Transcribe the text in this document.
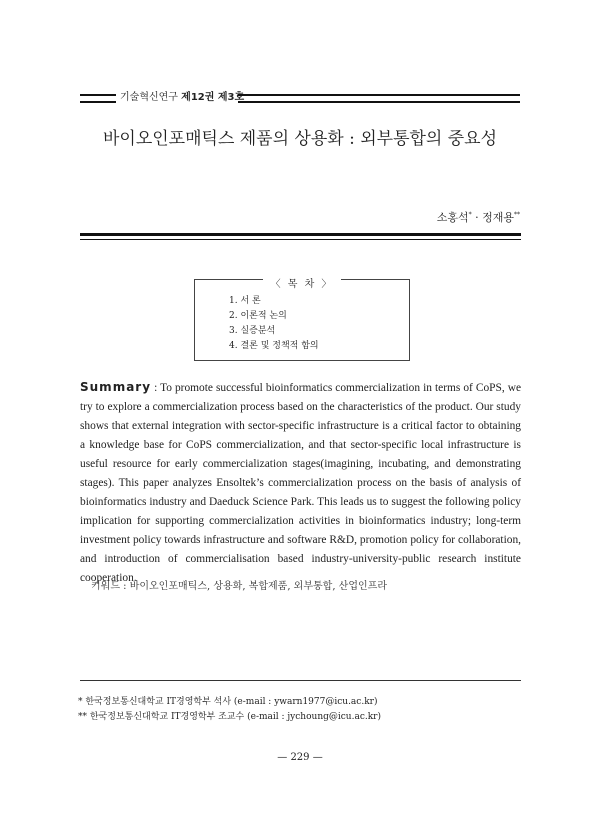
기술혁신연구 제12권 제3호
바이오인포매틱스 제품의 상용화 : 외부통합의 중요성
소홍석* · 정재용**
〈 목 차 〉
1. 서 론
2. 이론적 논의
3. 실증분석
4. 결론 및 정책적 함의
Summary : To promote successful bioinformatics commercialization in terms of CoPS, we try to explore a commercialization process based on the characteristics of the product. Our study shows that external integration with sector-specific infrastructure is a critical factor to obtaining a knowledge base for CoPS commercialization, and that sector-specific local infrastructure is useful resource for early commercialization stages(imagining, incubating, and demonstrating stages). This paper analyzes Ensoltek’s commercialization process on the basis of analysis of bioinformatics industry and Daeduck Science Park. This leads us to suggest the following policy implication for supporting commercialization activities in bioinformatics industry; long-term investment policy towards infrastructure and software R&D, promotion policy for collaboration, and introduction of commercialisation based industry-university-public research institute cooperation.
키워드 : 바이오인포매틱스, 상용화, 복합제품, 외부통합, 산업인프라
* 한국정보통신대학교 IT경영학부 석사 (e-mail : ywarn1977@icu.ac.kr)
** 한국정보통신대학교 IT경영학부 조교수 (e-mail : jychoung@icu.ac.kr)
— 229 —
